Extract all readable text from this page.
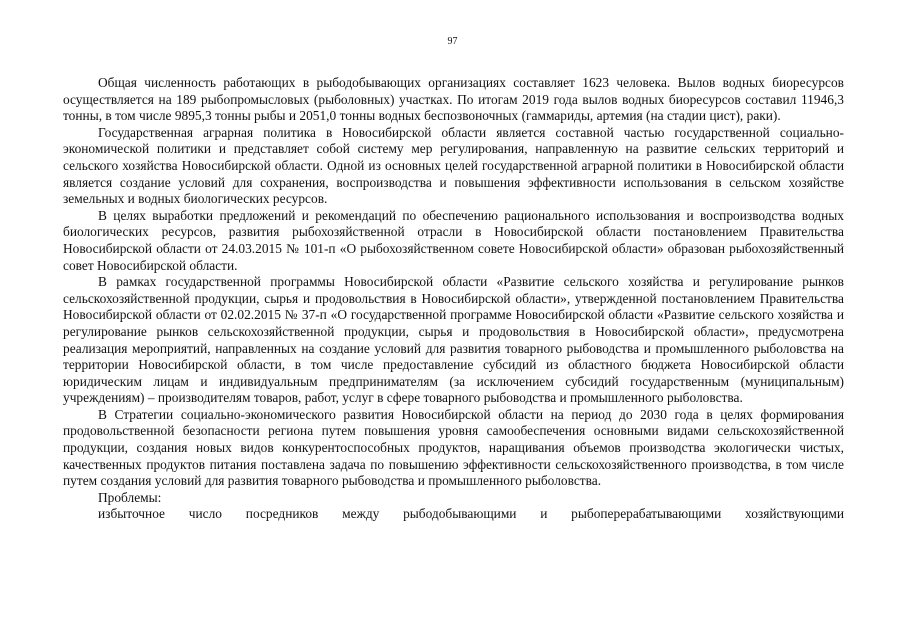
97

Общая численность работающих в рыбодобывающих организациях составляет 1623 человека. Вылов водных биоресурсов осуществляется на 189 рыбопромысловых (рыболовных) участках. По итогам 2019 года вылов водных биоресурсов составил 11946,3 тонны, в том числе 9895,3 тонны рыбы и 2051,0 тонны водных беспозвоночных (гаммариды, артемия (на стадии цист), раки).

Государственная аграрная политика в Новосибирской области является составной частью государственной социально-экономической политики и представляет собой систему мер регулирования, направленную на развитие сельских территорий и сельского хозяйства Новосибирской области. Одной из основных целей государственной аграрной политики в Новосибирской области является создание условий для сохранения, воспроизводства и повышения эффективности использования в сельском хозяйстве земельных и водных биологических ресурсов.

В целях выработки предложений и рекомендаций по обеспечению рационального использования и воспроизводства водных биологических ресурсов, развития рыбохозяйственной отрасли в Новосибирской области постановлением Правительства Новосибирской области от 24.03.2015 № 101-п «О рыбохозяйственном совете Новосибирской области» образован рыбохозяйственный совет Новосибирской области.

В рамках государственной программы Новосибирской области «Развитие сельского хозяйства и регулирование рынков сельскохозяйственной продукции, сырья и продовольствия в Новосибирской области», утвержденной постановлением Правительства Новосибирской области от 02.02.2015 № 37-п «О государственной программе Новосибирской области «Развитие сельского хозяйства и регулирование рынков сельскохозяйственной продукции, сырья и продовольствия в Новосибирской области», предусмотрена реализация мероприятий, направленных на создание условий для развития товарного рыбоводства и промышленного рыболовства на территории Новосибирской области, в том числе предоставление субсидий из областного бюджета Новосибирской области юридическим лицам и индивидуальным предпринимателям (за исключением субсидий государственным (муниципальным) учреждениям) – производителям товаров, работ, услуг в сфере товарного рыбоводства и промышленного рыболовства.

В Стратегии социально-экономического развития Новосибирской области на период до 2030 года в целях формирования продовольственной безопасности региона путем повышения уровня самообеспечения основными видами сельскохозяйственной продукции, создания новых видов конкурентоспособных продуктов, наращивания объемов производства экологически чистых, качественных продуктов питания поставлена задача по повышению эффективности сельскохозяйственного производства, в том числе путем создания условий для развития товарного рыбоводства и промышленного рыболовства.

Проблемы:

избыточное число посредников между рыбодобывающими и рыбоперерабатывающими хозяйствующими
